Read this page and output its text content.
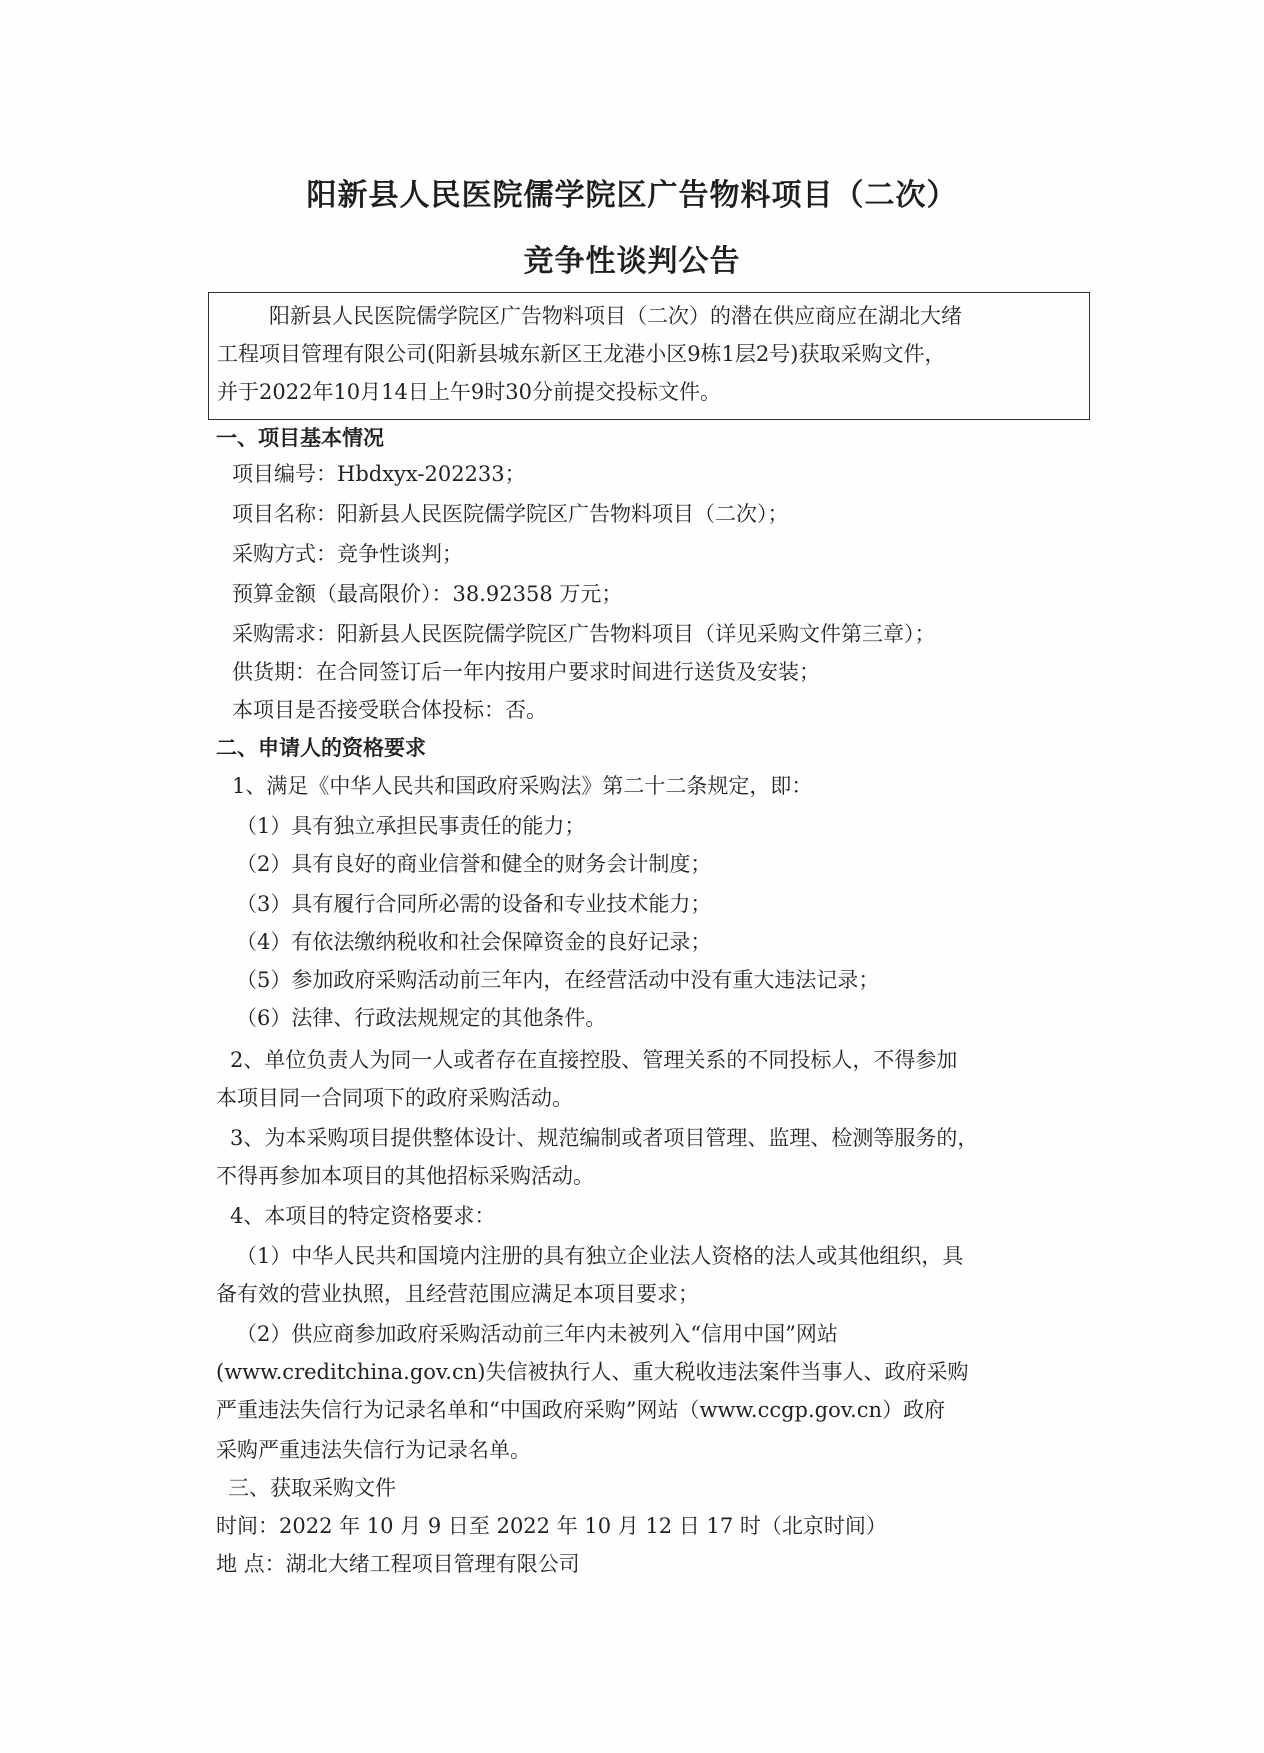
阳新县人民医院儒学院区广告物料项目（二次）
竞争性谈判公告
阳新县人民医院儒学院区广告物料项目（二次）的潜在供应商应在湖北大绪
工程项目管理有限公司(阳新县城东新区王龙港小区9栋1层2号)获取采购文件，
并于2022年10月14日上午9时30分前提交投标文件。
一、项目基本情况
项目编号：Hbdxyx-202233；
项目名称：阳新县人民医院儒学院区广告物料项目（二次）；
采购方式：竞争性谈判；
预算金额（最高限价）：38.92358 万元；
采购需求：阳新县人民医院儒学院区广告物料项目（详见采购文件第三章）；
供货期：在合同签订后一年内按用户要求时间进行送货及安装；
本项目是否接受联合体投标：否。
二、申请人的资格要求
1、满足《中华人民共和国政府采购法》第二十二条规定，即：
（1）具有独立承担民事责任的能力；
（2）具有良好的商业信誉和健全的财务会计制度；
（3）具有履行合同所必需的设备和专业技术能力；
（4）有依法缴纳税收和社会保障资金的良好记录；
（5）参加政府采购活动前三年内，在经营活动中没有重大违法记录；
（6）法律、行政法规规定的其他条件。
2、单位负责人为同一人或者存在直接控股、管理关系的不同投标人，不得参加
本项目同一合同项下的政府采购活动。
3、为本采购项目提供整体设计、规范编制或者项目管理、监理、检测等服务的，
不得再参加本项目的其他招标采购活动。
4、本项目的特定资格要求：
（1）中华人民共和国境内注册的具有独立企业法人资格的法人或其他组织，具
备有效的营业执照，且经营范围应满足本项目要求；
（2）供应商参加政府采购活动前三年内未被列入“信用中国”网站
(www.creditchina.gov.cn)失信被执行人、重大税收违法案件当事人、政府采购
严重违法失信行为记录名单和“中国政府采购”网站（www.ccgp.gov.cn）政府
采购严重违法失信行为记录名单。
三、获取采购文件
时间：2022 年 10 月 9 日至 2022 年 10 月 12 日 17 时（北京时间）
地 点：湖北大绪工程项目管理有限公司
